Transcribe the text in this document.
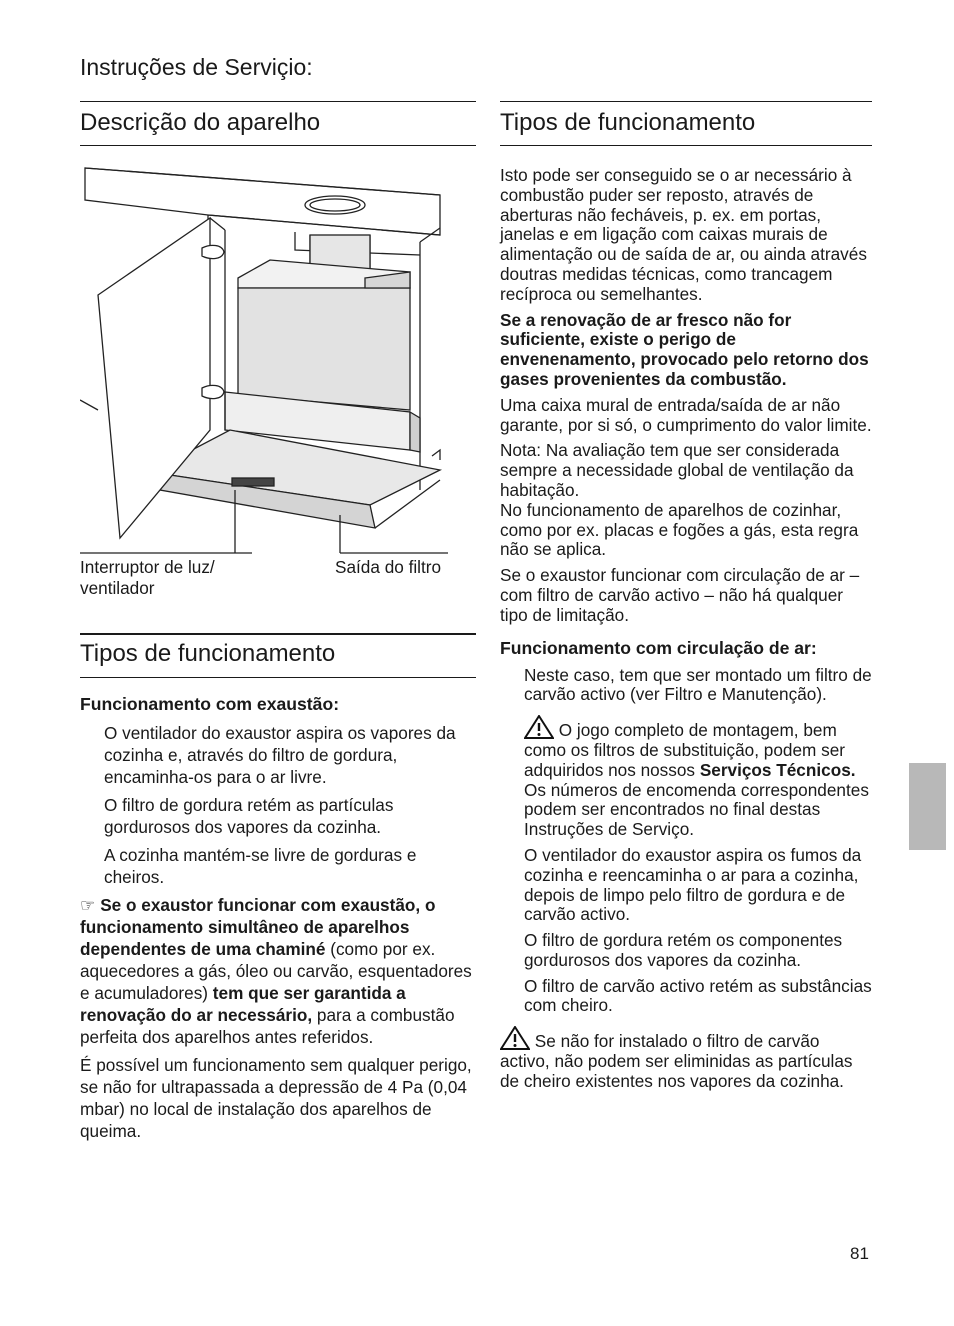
Instruções de Serviçio:
Descrição do aparelho
Interruptor de luz/ ventilador
Saída do filtro
Tipos de funcionamento
Funcionamento com exaustão:

O ventilador do exaustor aspira os vapores da cozinha e, através do filtro de gordura, encaminha-os para o ar livre.

O filtro de gordura retém as partículas gordurosos dos vapores da cozinha.

A cozinha mantém-se livre de gorduras e cheiros.

☞ Se o exaustor funcionar com exaustão, o funcionamento simultâneo de aparelhos dependentes de uma chaminé (como por ex. aquecedores a gás, óleo ou carvão, esquentadores e acumuladores) tem que ser garantida a renovação do ar necessário, para a combustão perfeita dos aparelhos antes referidos.

É possível um funcionamento sem qualquer perigo, se não for ultrapassada a depressão de 4 Pa (0,04 mbar) no local de instalação dos aparelhos de queima.

Tipos de funcionamento

Isto pode ser conseguido se o ar necessário à combustão puder ser reposto, através de aberturas não fecháveis, p. ex. em portas, janelas e em ligação com caixas murais de alimentação ou de saída de ar, ou ainda através doutras medidas técnicas, como trancagem recíproca ou semelhantes.

Se a renovação de ar fresco não for suficiente, existe o perigo de envenenamento, provocado pelo retorno dos gases provenientes da combustão.

Uma caixa mural de entrada/saída de ar não garante, por si só, o cumprimento do valor limite.

Nota: Na avaliação tem que ser considerada sempre a necessidade global de ventilação da habitação.

No funcionamento de aparelhos de cozinhar, como por ex. placas e fogões a gás, esta regra não se aplica.

Se o exaustor funcionar com circulação de ar – com filtro de carvão activo – não há qualquer tipo de limitação.

Funcionamento com circulação de ar:

Neste caso, tem que ser montado um filtro de carvão activo (ver Filtro e Manutenção).

O jogo completo de montagem, bem como os filtros de substituição, podem ser adquiridos nos nossos Serviços Técnicos.

Os números de encomenda correspondentes podem ser encontrados no final destas Instruções de Serviço.

O ventilador do exaustor aspira os fumos da cozinha e reencaminha o ar para a cozinha, depois de limpo pelo filtro de gordura e de carvão activo.

O filtro de gordura retém os componentes gordurosos dos vapores da cozinha.

O filtro de carvão activo retém as substâncias com cheiro.

Se não for instalado o filtro de carvão activo, não podem ser eliminidas as partículas de cheiro existentes nos vapores da cozinha.

81
